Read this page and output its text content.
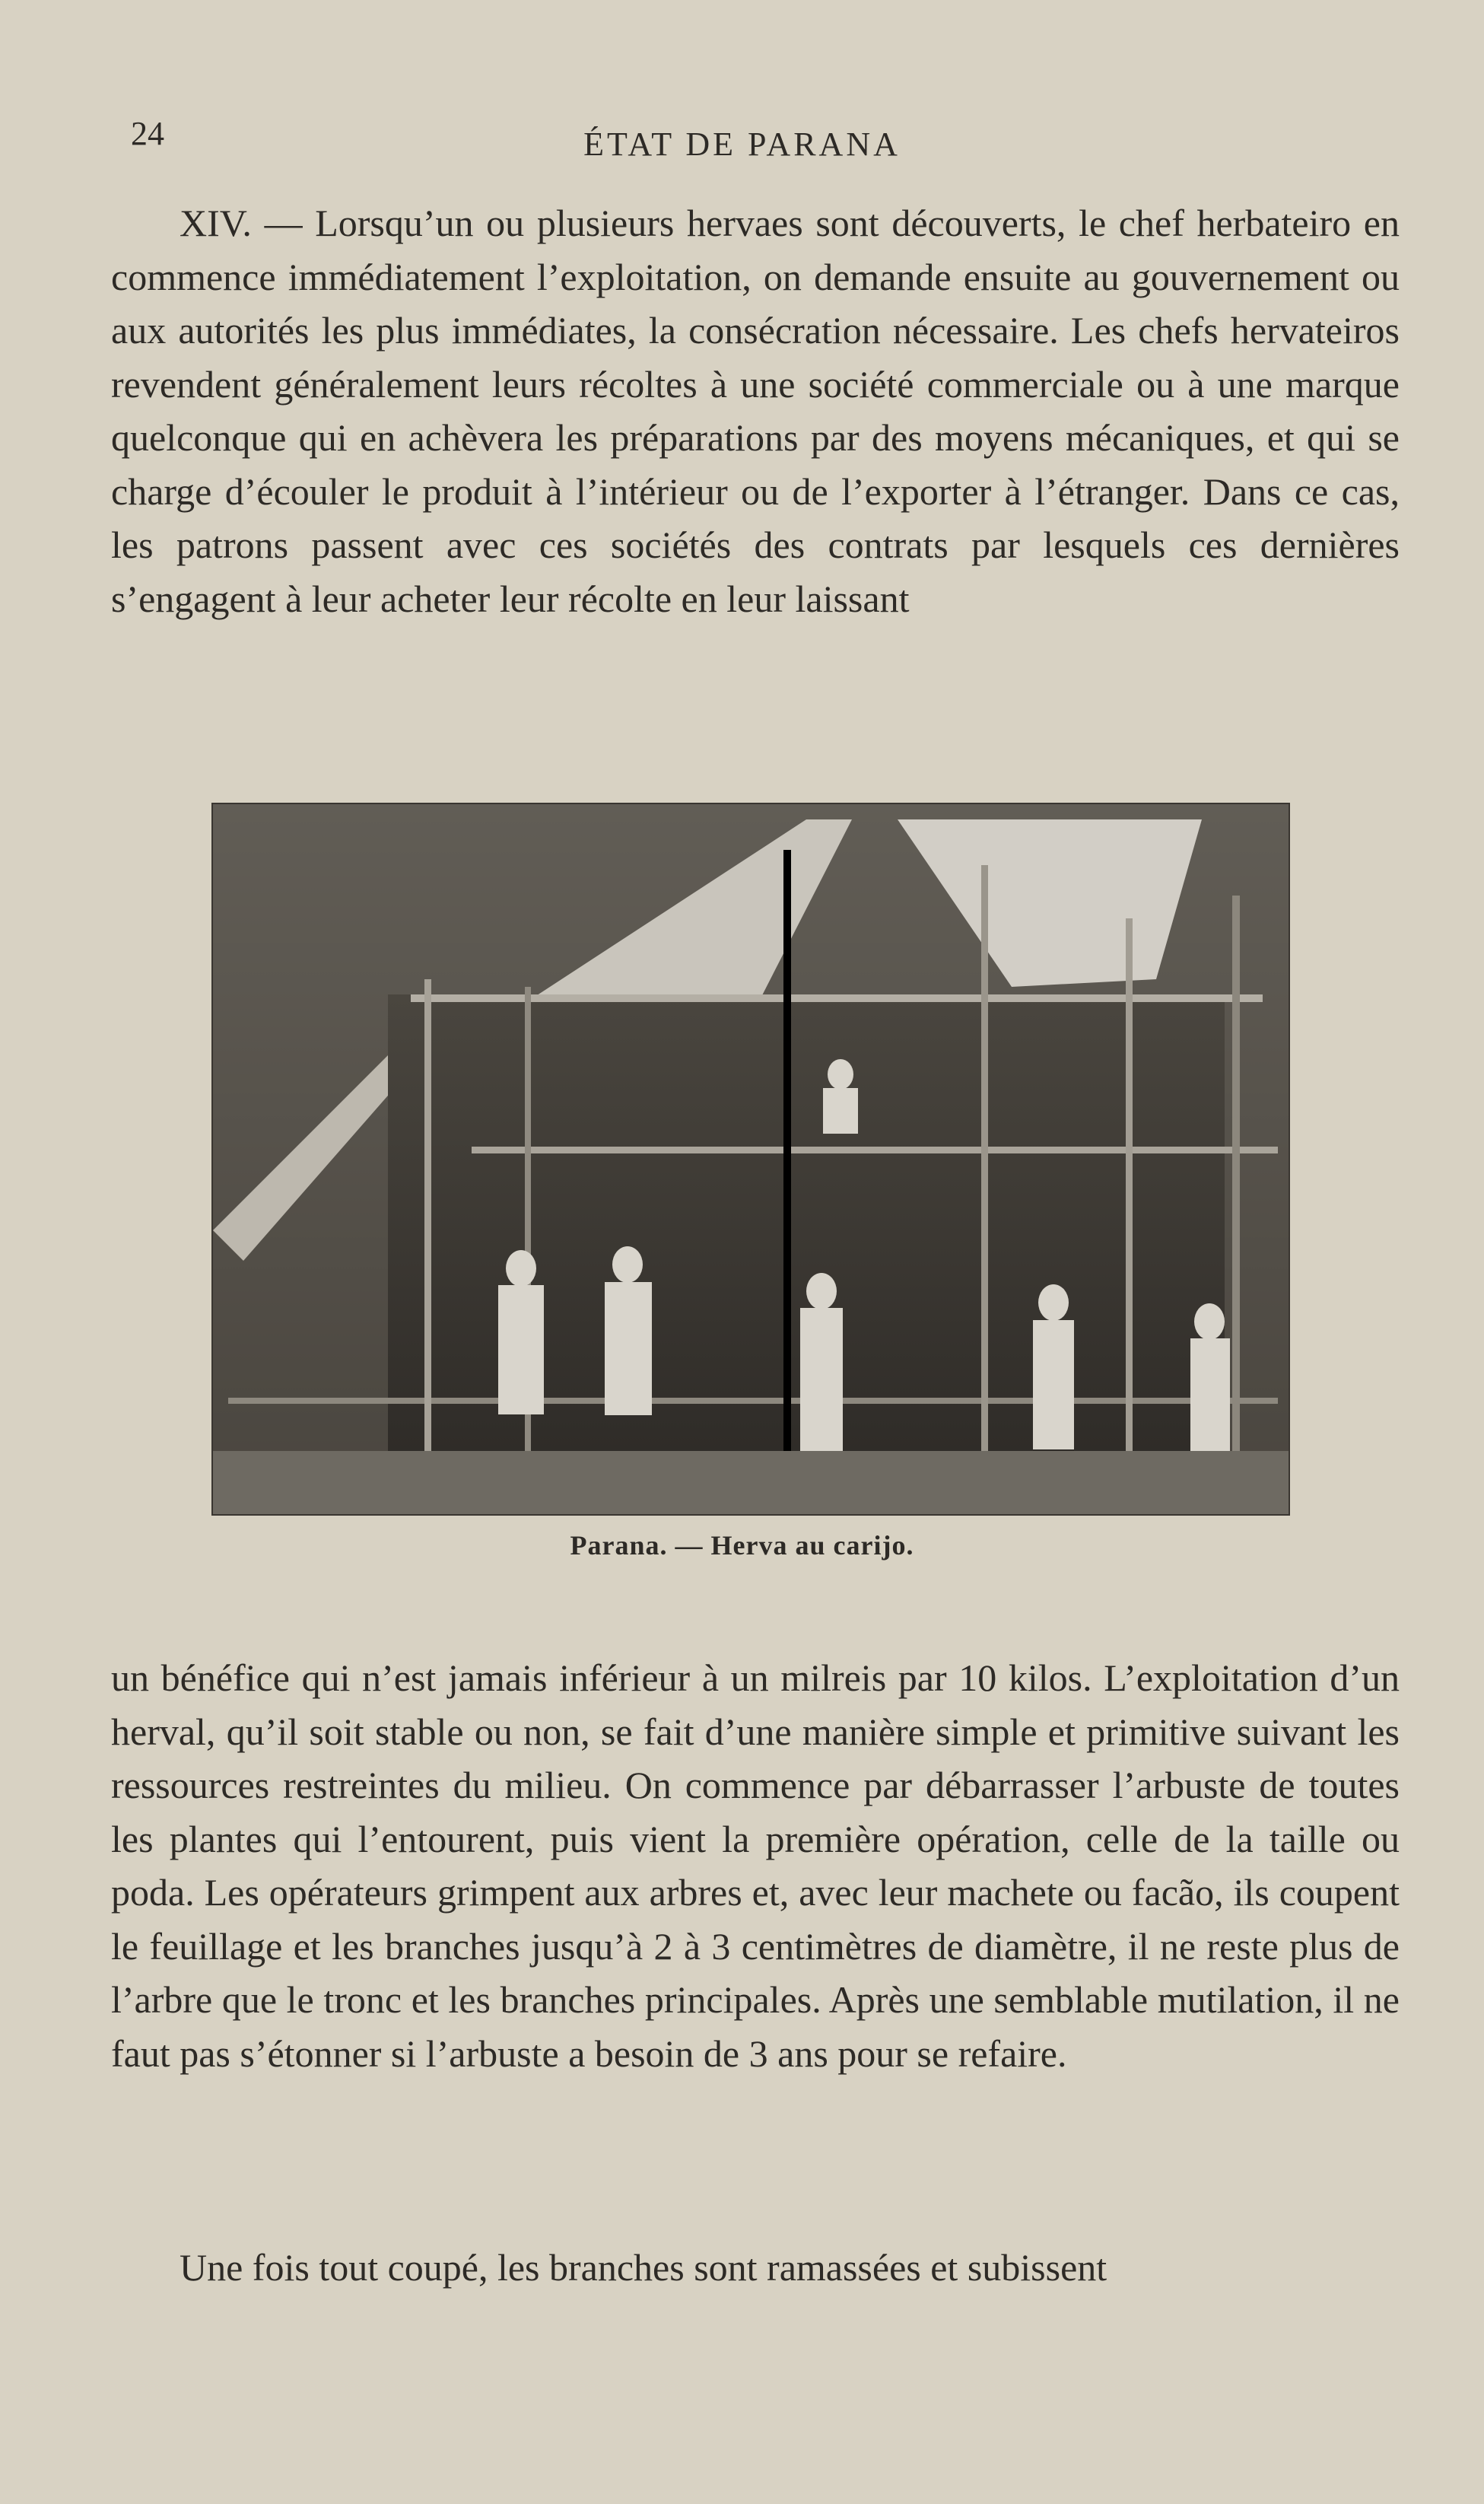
24	ÉTAT DE PARANA

XIV. — Lorsqu’un ou plusieurs hervaes sont découverts, le chef herbateiro en commence immédiatement l’exploitation, on demande ensuite au gouvernement ou aux autorités les plus immédiates, la consécration nécessaire. Les chefs hervateiros revendent généralement leurs récoltes à une société commerciale ou à une marque quelconque qui en achèvera les préparations par des moyens mécaniques, et qui se charge d’écouler le produit à l’intérieur ou de l’exporter à l’étranger. Dans ce cas, les patrons passent avec ces sociétés des contrats par lesquels ces dernières s’engagent à leur acheter leur récolte en leur laissant

Parana. — Herva au carijo.

un bénéfice qui n’est jamais inférieur à un milreis par 10 kilos. L’exploitation d’un herval, qu’il soit stable ou non, se fait d’une manière simple et primitive suivant les ressources restreintes du milieu. On commence par débarrasser l’arbuste de toutes les plantes qui l’entourent, puis vient la première opération, celle de la taille ou poda. Les opérateurs grimpent aux arbres et, avec leur machete ou facão, ils coupent le feuillage et les branches jusqu’à 2 à 3 centimètres de diamètre, il ne reste plus de l’arbre que le tronc et les branches principales. Après une semblable mutilation, il ne faut pas s’étonner si l’arbuste a besoin de 3 ans pour se refaire.

Une fois tout coupé, les branches sont ramassées et subissent
